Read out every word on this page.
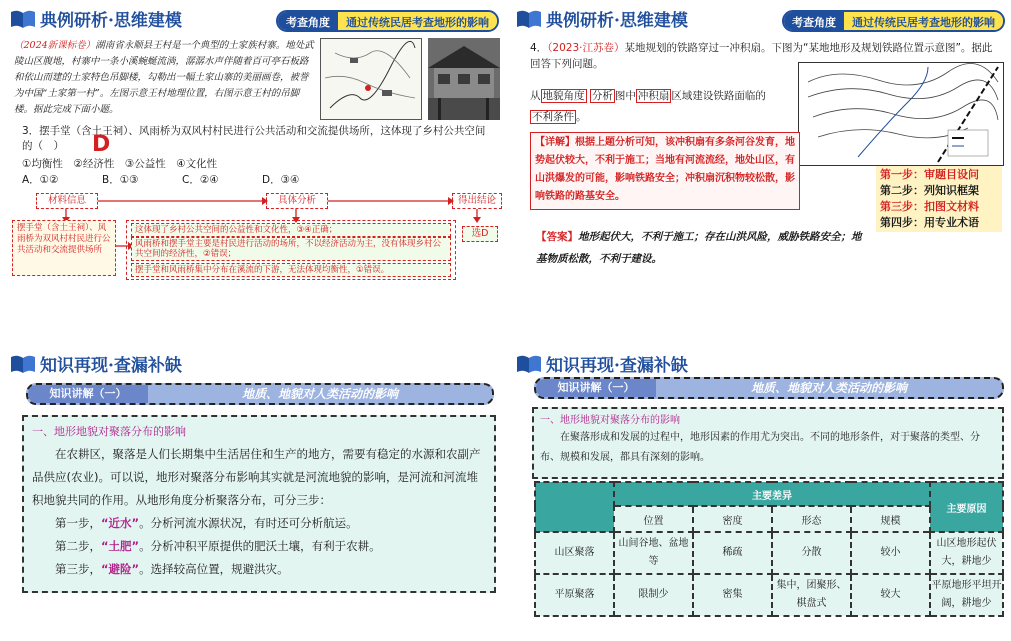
典例研析·思维建模	考查角度	通过传统民居考查地形的影响
（2024新课标卷）湖南省永顺县王村是一个典型的土家族村寨。地处武陵山区腹地，村寨中一条小溪蜿蜒流淌，潺潺水声伴随着百可亭石板路和依山而建的土家特色吊脚楼，勾勒出一幅土家山寨的美丽画卷，被誉为中国“土家第一村”。左图示意王村地理位置，右图示意王村的吊脚楼。据此完成下面小题。
3．摆手堂（含土王祠）、风雨桥为双风村村民进行公共活动和交流提供场所，这体现了乡村公共空间的（　）	D
①均衡性　②经济性　③公益性　④文化性
A．①②	B．①③	C．②④	D．③④
材料信息	具体分析	得出结论
摆手堂（含土王祠）、风雨桥为双风村村民进行公共活动和交流提供场所
这体现了乡村公共空间的公益性和文化性，③④正确；
风雨桥和摆手堂主要是村民进行活动的场所，不以经济活动为主，没有体现乡村公共空间的经济性，②错误；
摆手堂和风雨桥集中分布在溪流的下游，无法体现均衡性，①错误。
选D
典例研析·思维建模	考查角度	通过传统民居考查地形的影响
4．（2023·江苏卷）某地规划的铁路穿过一冲积扇。下图为“某地地形及规划铁路位置示意图”。据此回答下列问题。
从 地貌角度 分析 图中 冲积扇 区域建设铁路面临的
不利条件 。
【详解】根据上题分析可知，该冲积扇有多条河谷发育，地势起伏较大，不利于施工；当地有河流流经，地处山区，有山洪爆发的可能，影响铁路安全；冲积扇沉积物较松散，影响铁路的路基安全。
第一步：审题目设问
第二步：列知识框架
第三步：扣图文材料
第四步：用专业术语
【答案】地形起伏大，不利于施工；存在山洪风险，威胁铁路安全；地基物质松散，不利于建设。
知识再现·查漏补缺
知识讲解（一）	地质、地貌对人类活动的影响
一、地形地貌对聚落分布的影响
在农耕区，聚落是人们长期集中生活居住和生产的地方，需要有稳定的水源和农副产品供应(农业)。可以说，地形对聚落分布影响其实就是河流地貌的影响，是河流和河流堆积地貌共同的作用。从地形角度分析聚落分布，可分三步：
第一步，“近水”。分析河流水源状况，有时还可分析航运。
第二步，“土肥”。分析冲积平原提供的肥沃土壤，有利于农耕。
第三步，“避险”。选择较高位置，规避洪灾。
知识再现·查漏补缺
知识讲解（一）	地质、地貌对人类活动的影响
一、地形地貌对聚落分布的影响
在聚落形成和发展的过程中，地形因素的作用尤为突出。不同的地形条件，对于聚落的类型、分布、规模和发展，都具有深刻的影响。
	主要差异				主要原因
	位置	密度	形态	规模	
山区聚落	山间谷地、盆地等	稀疏	分散	较小	山区地形起伏大，耕地少
平原聚落	限制少	密集	集中，团聚形、棋盘式	较大	平原地形平坦开阔，耕地少
